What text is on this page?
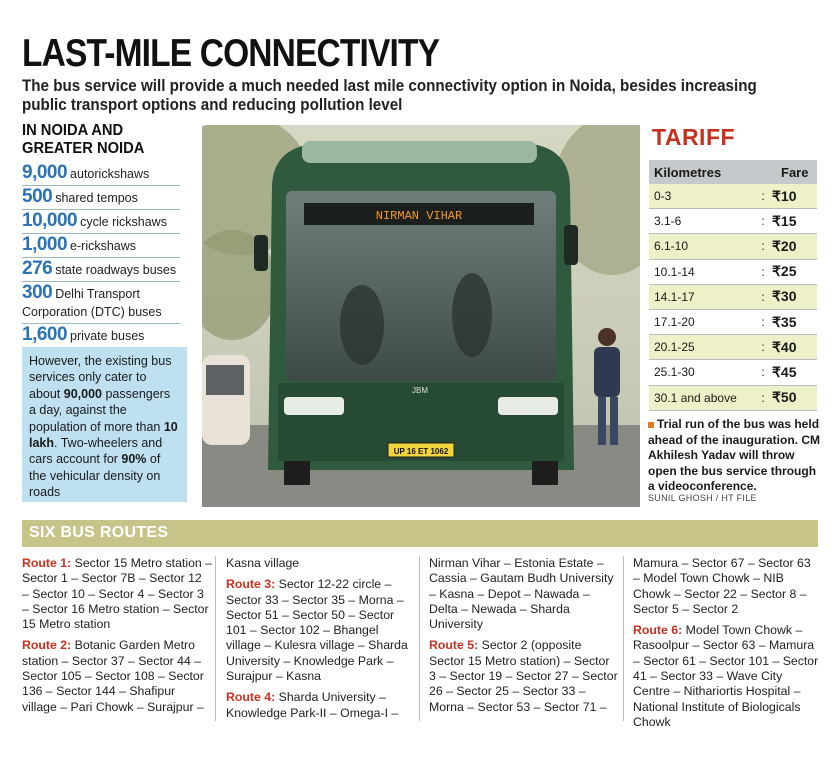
LAST-MILE CONNECTIVITY
The bus service will provide a much needed last mile connectivity option in Noida, besides increasing public transport options and reducing pollution level
IN NOIDA AND GREATER NOIDA
9,000 autorickshaws
500 shared tempos
10,000 cycle rickshaws
1,000 e-rickshaws
276 state roadways buses
300 Delhi Transport Corporation (DTC) buses
1,600 private buses
However, the existing bus services only cater to about 90,000 passengers a day, against the population of more than 10 lakh. Two-wheelers and cars account for 90% of the vehicular density on roads
NIRMAN VIHAR
JBM
UP 16 ET 1062
TARIFF
Kilometres	Fare	
0-3	:	₹10
3.1-6	:	₹15
6.1-10	:	₹20
10.1-14	:	₹25
14.1-17	:	₹30
17.1-20	:	₹35
20.1-25	:	₹40
25.1-30	:	₹45
30.1 and above	:	₹50
Trial run of the bus was held ahead of the inauguration. CM Akhilesh Yadav will throw open the bus service through a videoconference.
SUNIL GHOSH / HT FILE
SIX BUS ROUTES

Route 1: Sector 15 Metro station – Sector 1 – Sector 7B – Sector 12 – Sector 10 – Sector 4 – Sector 3 – Sector 16 Metro station – Sector 15 Metro station

Route 2: Botanic Garden Metro station – Sector 37 – Sector 44 – Sector 105 – Sector 108 – Sector 136 – Sector 144 – Shafipur village – Pari Chowk – Surajpur –

Kasna village

Route 3: Sector 12-22 circle – Sector 33 – Sector 35 – Morna – Sector 51 – Sector 50 – Sector 101 – Sector 102 – Bhangel village – Kulesra village – Sharda University – Knowledge Park – Surajpur – Kasna

Route 4: Sharda University – Knowledge Park-II – Omega-I –

Nirman Vihar – Estonia Estate – Cassia – Gautam Budh University – Kasna – Depot – Nawada – Delta – Newada – Sharda University

Route 5: Sector 2 (opposite Sector 15 Metro station) – Sector 3 – Sector 19 – Sector 27 – Sector 26 – Sector 25 – Sector 33 – Morna – Sector 53 – Sector 71 –

Mamura – Sector 67 – Sector 63 – Model Town Chowk – NIB Chowk – Sector 22 – Sector 8 – Sector 5 – Sector 2

Route 6: Model Town Chowk – Rasoolpur – Sector 63 – Mamura – Sector 61 – Sector 101 – Sector 41 – Sector 33 – Wave City Centre – Nithariortis Hospital – National Institute of Biologicals Chowk
